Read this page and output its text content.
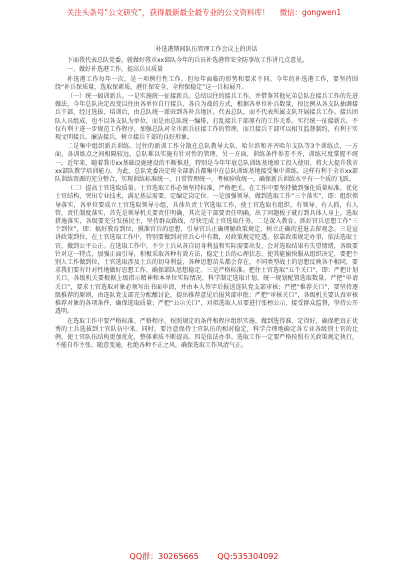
关注头条号“公文研究”，获得最新最全最专业的公文资料库！ 微信：gongwen1

补选港期间队伍管理工作会议上的讲话

下面我代表总队党委，就做好我市xx部队今年的兵员补选港管安全防事故工作讲几点意见。

一、做好补选港工作，提高兵员质量

补选港工作每年一次，是一项例行性工作，但每年面临的形势和要求不同。今年的补选港工作，要坚持围绕“补兵保质量，选取保素质，港任保安全，全程保稳定”这一目标展开。

（一）统一搞训新兵。一是实施统一征接新兵。总结以往的接兵工作，并借鉴其他兄弟总队在接兵工作的先进做法，今年总队决定改变以往由各单位自行接兵，各自为战的方式，根据各单位补兵数量，按比例从各支队抽调接兵干部，经过选拔、培训后，由总队统一派驻到各补兵地区。代表总队，而不代表所属支队开展接兵工作。接兵团队人员组成，也不以各支队为单位，而是由总队统一编排，打乱接兵干部原有的工作关系。实行统一征接新兵，不仅有利于进一步规范工作程序，加强总队对全市新兵征接工作的管理，而且接兵干部可以相互监督制约，有利于实现文明接兵、廉洁接兵，树立接兵干部的良好形象。

二是集中组织新兵训练。过往的新训工作分散在总队教导大队、哈尔滨和齐齐哈尔支队等3个训练点，一方面，各训练点之间相隔较远，总队难以实施有针对性的管理，另一方面，训练条件参差不齐，训练尺度掌握不统一。近年来，随着我市xx基础设施建设的不断推进，特别是今年年底总队训练基地竣工投入使用，将大大提升我市xx部队教学培训能力。为此，总队党委决定将全部新兵都集中在总队训练基地接受集中训练。这样有利于全市xx部队训练资源的充分整合，实现训练标准统一、日常管理统一、考核验收统一，确保新兵训练水平有一个质的飞跃。

（二）提高士官选取质量。士官选取工作必须坚持标准，严格把关。在工作中要坚持做到强化质量标准，优化士官结构，突出专业技术，满足基层需要，定编定岗定位。一是加强领导，做到选取工作“三个落实”，即：组织领导落实，各单位要成立士官选取领导小组，具体负责士官选取工作，使士官选取有组织、有领导、有人抓，有人管，责任制度落实，首先是领导机关要责任明确，其次是干部要责任明确，出了问题板子就打到具体人身上，选取措施落实，各级要充分发扬民主，坚持群众路线，尽快完成士官选取任务。二是深入教育。抓好官兵思想工作“三个到位”，即：搞好教育到位，摸准官兵的思想，引导官兵正确理解政策规定，树立正确的进退去留观念。三是宣讲政策到位。在士官选取工作中，特别要做到对官兵心中有数，对政策规定吃透，依靠政策规定办事，依法选取士官，做到公平公正。在选取工作中，不少士兵从各自切身利益和实际需要出发，会对选取结果有失望情绪，各级要针对这一特点，加强正面引导，积极采取各种有效方法，稳定士兵的心理状态，使其能愉快服从组织决定，要把个别人工作做到位，士官选取涉及士兵的切身利益，各种思想苗头都会存在，不同类型战士的思想反映各不相同，要求我们要有针对性地做好思想工作，确保部队思想稳定。三是严格标准。把住士官选取“五个关口”，即：严把计划关口，各级机关要根据上级指示精神和本单位实际情况，科学制定选取计划，统一规划配置选取数量，严把“申请关口”，要求士官选取对象必须写出书面申请，并由本人签字后报送连队党支部审核；严把“推荐关口”，要坚持逐级推荐的原则，由连队党支部充分酝酿讨论，提出推荐意见后报营部审批；严把“审核关口”，各级机关要认真审核推荐对象的各项条件，确保选取质量；严把“公示关口”，对拟选取人员要进行张榜公示，接受群众监督，坚持公开透明。

在选取工作中要严格标准、严格程序，按照规定的条件和程序组织实施，做到选得准、定得好，确保把真正优秀的士兵选拔到士官队伍中来。同时，要注意保持士官队伍的相对稳定，科学合理地确定各专业各级别士官的比例，使士官队伍结构更加优化，整体素质不断提高。四是依法办事。选取工作一定要严格按照有关政策规定执行，不能自作主张、随意变通，杜绝各种不正之风，确保选取工作风清气正。

QQ群：30265665 QQ:535304092
